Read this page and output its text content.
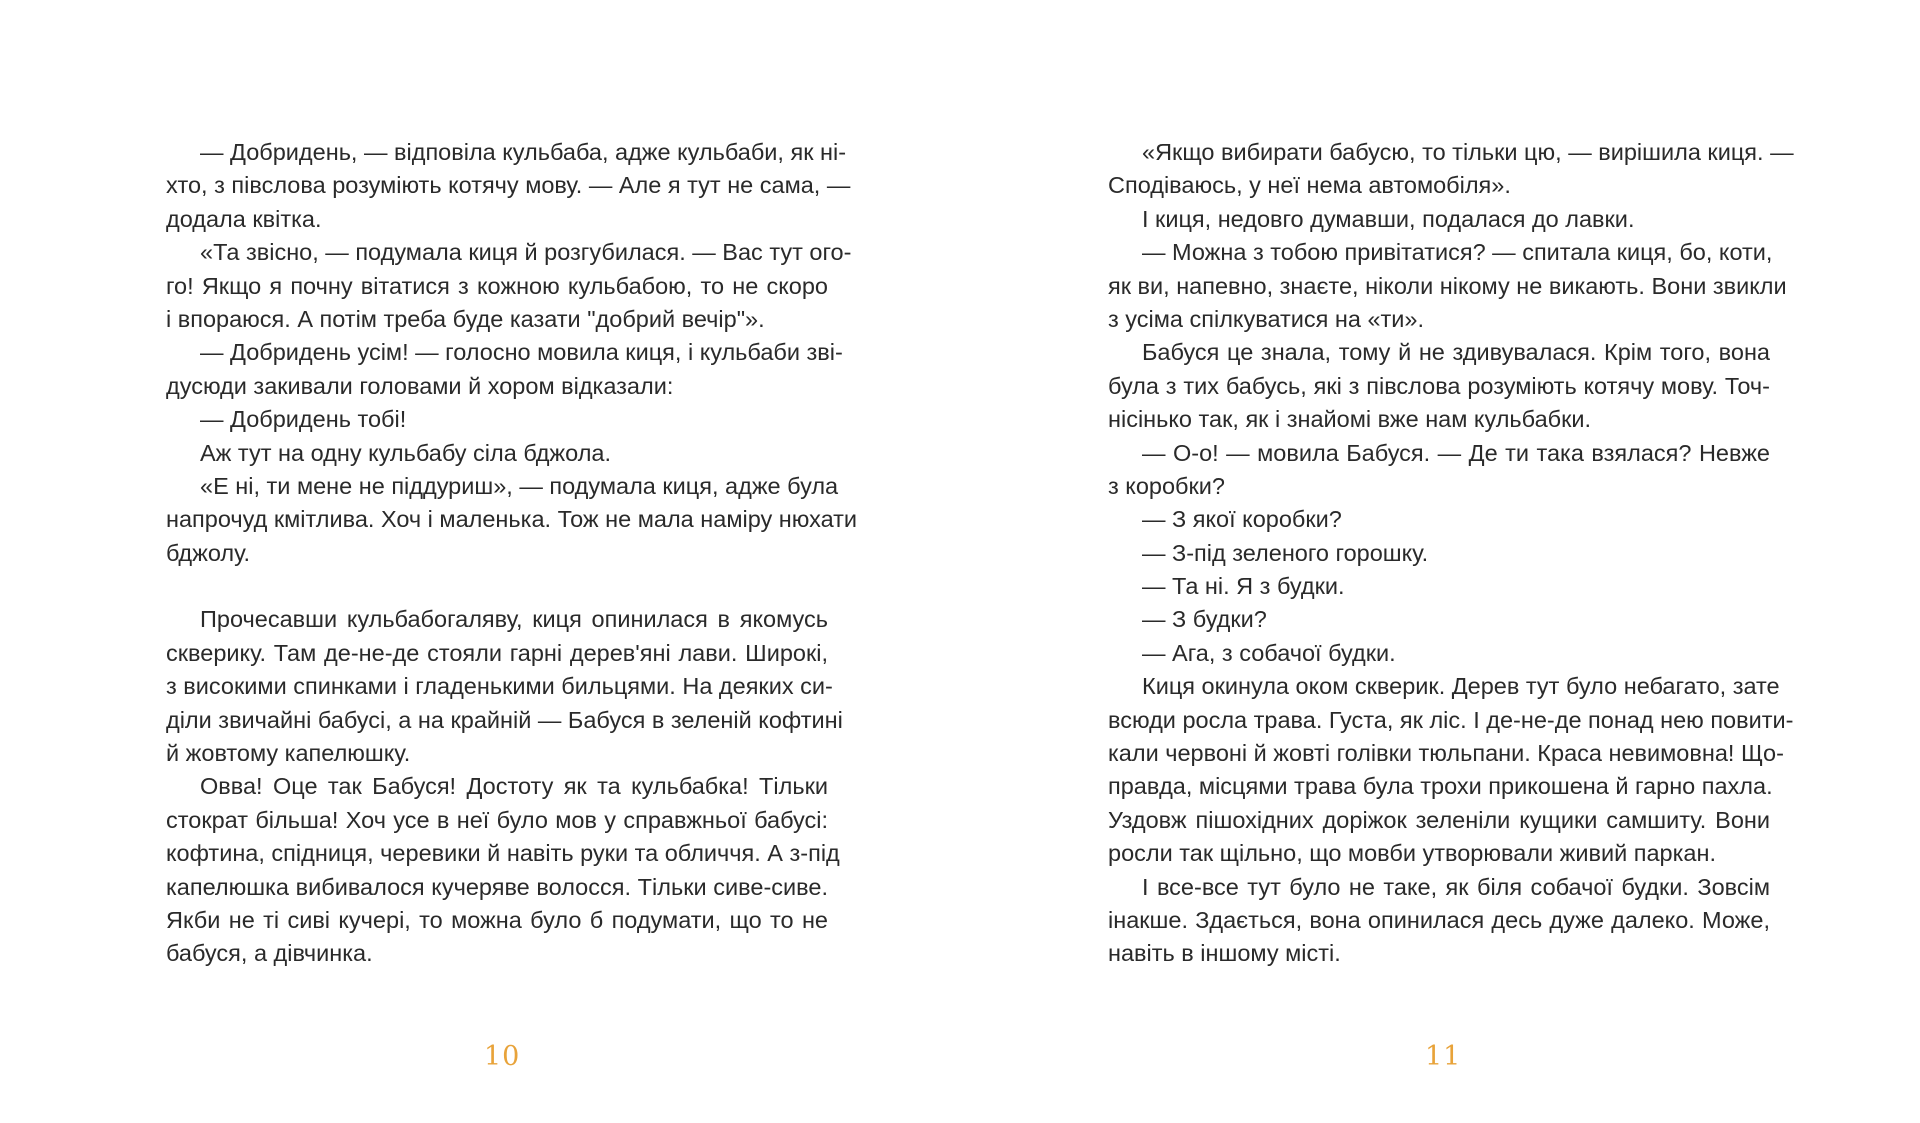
— Добридень, — відповіла кульбаба, адже кульбаби, як ні-
хто, з півслова розуміють котячу мову. — Але я тут не сама, —
додала квітка.
«Та звісно, — подумала киця й розгубилася. — Вас тут ого-
го! Якщо я почну вітатися з кожною кульбабою, то не скоро
і впораюся. А потім треба буде казати "добрий вечір"».
— Добридень усім! — голосно мовила киця, і кульбаби зві-
дусюди закивали головами й хором відказали:
— Добридень тобі!
Аж тут на одну кульбабу сіла бджола.
«Е ні, ти мене не піддуриш», — подумала киця, адже була
напрочуд кмітлива. Хоч і маленька. Тож не мала наміру нюхати
бджолу.
Прочесавши кульбабогаляву, киця опинилася в якомусь
скверику. Там де-не-де стояли гарні дерев'яні лави. Широкі,
з високими спинками і гладенькими бильцями. На деяких си-
діли звичайні бабусі, а на крайній — Бабуся в зеленій кофтині
й жовтому капелюшку.
Овва! Оце так Бабуся! Достоту як та кульбабка! Тільки
стократ більша! Хоч усе в неї було мов у справжньої бабусі:
кофтина, спідниця, черевики й навіть руки та обличчя. А з-під
капелюшка вибивалося кучеряве волосся. Тільки сиве-сиве.
Якби не ті сиві кучері, то можна було б подумати, що то не
бабуся, а дівчинка.
10
«Якщо вибирати бабусю, то тільки цю, — вирішила киця. —
Сподіваюсь, у неї нема автомобіля».
І киця, недовго думавши, подалася до лавки.
— Можна з тобою привітатися? — спитала киця, бо, коти,
як ви, напевно, знаєте, ніколи нікому не викають. Вони звикли
з усіма спілкуватися на «ти».
Бабуся це знала, тому й не здивувалася. Крім того, вона
була з тих бабусь, які з півслова розуміють котячу мову. Точ-
нісінько так, як і знайомі вже нам кульбабки.
— О-о! — мовила Бабуся. — Де ти така взялася? Невже
з коробки?
— З якої коробки?
— З-під зеленого горошку.
— Та ні. Я з будки.
— З будки?
— Ага, з собачої будки.
Киця окинула оком скверик. Дерев тут було небагато, зате
всюди росла трава. Густа, як ліс. І де-не-де понад нею повити-
кали червоні й жовті голівки тюльпани. Краса невимовна! Що-
правда, місцями трава була трохи прикошена й гарно пахла.
Уздовж пішохідних доріжок зеленіли кущики самшиту. Вони
росли так щільно, що мовби утворювали живий паркан.
І все-все тут було не таке, як біля собачої будки. Зовсім
інакше. Здається, вона опинилася десь дуже далеко. Може,
навіть в іншому місті.
11
